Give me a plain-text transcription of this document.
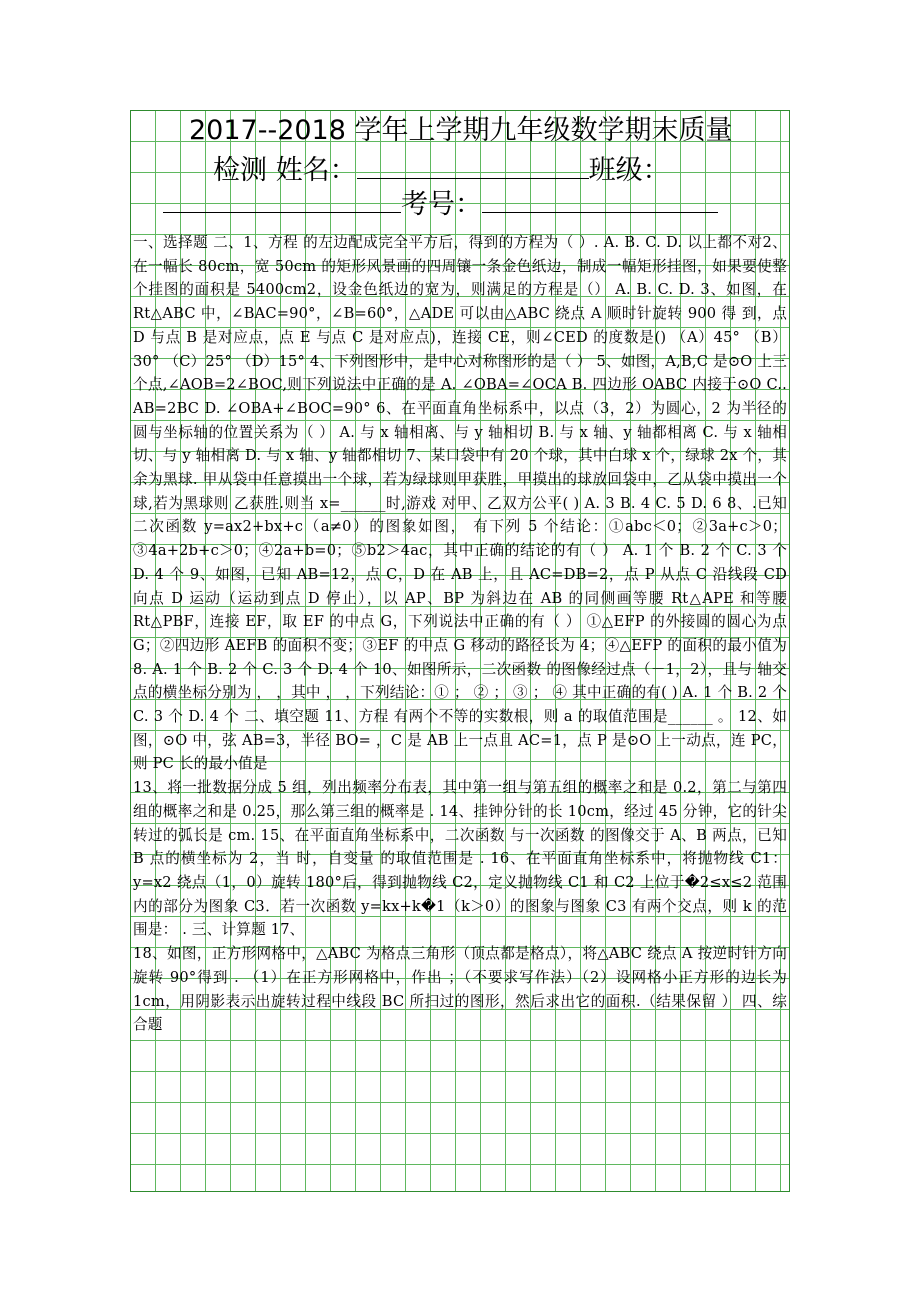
2017--2018 学年上学期九年级数学期末质量
检测 姓名：	班级：
考号：

一、选择题 二、1、方程 的左边配成完全平方后，得到的方程为（ ）. A. B. C. D. 以上都不对2、在一幅长 80cm，宽 50cm 的矩形风景画的四周镶一条金色纸边，制成一幅矩形挂图，如果要使整个挂图的面积是 5400cm2，设金色纸边的宽为，则满足的方程是（） A. B. C. D. 3、如图，在 Rt△ABC 中，∠BAC=90°，∠B=60°，△ADE 可以由△ABC 绕点 A 顺时针旋转 900 得 到，点 D 与点 B 是对应点，点 E 与点 C 是对应点)，连接 CE，则∠CED 的度数是() （A）45° （B）30° （C）25° （D）15° 4、下列图形中，是中心对称图形的是（ ） 5、如图，A,B,C 是⊙O 上三个点,∠AOB=2∠BOC,则下列说法中正确的是 A. ∠OBA=∠OCA B. 四边形 OABC 内接于⊙O C.. AB=2BC D. ∠OBA+∠BOC=90° 6、在平面直角坐标系中，以点（3，2）为圆心，2 为半径的圆与坐标轴的位置关系为（ ） A. 与 x 轴相离、与 y 轴相切 B. 与 x 轴、y 轴都相离 C. 与 x 轴相切、与 y 轴相离 D. 与 x 轴、y 轴都相切 7、某口袋中有 20 个球，其中白球 x 个，绿球 2x 个，其余为黑球. 甲从袋中任意摸出一个球，若为绿球则甲获胜，甲摸出的球放回袋中，乙从袋中摸出一个球,若为黑球则 乙获胜.则当 x=______时,游戏 对甲、乙双方公平( ) A. 3 B. 4 C. 5 D. 6 8、.已知二次函数 y=ax2+bx+c（a≠0）的图象如图， 有下列 5 个结论：①abc＜0；②3a+c＞0；③4a+2b+c＞0；④2a+b=0；⑤b2＞4ac，其中正确的结论的有（ ） A. 1 个 B. 2 个 C. 3 个 D. 4 个 9、如图，已知 AB=12，点 C，D 在 AB 上，且 AC=DB=2，点 P 从点 C 沿线段 CD 向点 D 运动（运动到点 D 停止），以 AP、BP 为斜边在 AB 的同侧画等腰 Rt△APE 和等腰 Rt△PBF，连接 EF，取 EF 的中点 G，下列说法中正确的有（ ） ①△EFP 的外接圆的圆心为点 G；②四边形 AEFB 的面积不变；③EF 的中点 G 移动的路径长为 4；④△EFP 的面积的最小值为 8. A. 1 个 B. 2 个 C. 3 个 D. 4 个 10、如图所示，二次函数 的图像经过点（－1，2），且与 轴交点的横坐标分别为 ， ，其中 ， ，下列结论：① ； ② ； ③ ； ④ 其中正确的有( ) A. 1 个 B. 2 个 C. 3 个 D. 4 个 二、填空题 11、方程 有两个不等的实数根，则 a 的取值范围是______ 。 12、如图，⊙O 中，弦 AB=3，半径 BO= ，C 是 AB 上一点且 AC=1，点 P 是⊙O 上一动点，连 PC，则 PC 长的最小值是

13、将一批数据分成 5 组，列出频率分布表，其中第一组与第五组的概率之和是 0.2，第二与第四组的概率之和是 0.25，那么第三组的概率是 . 14、挂钟分针的长 10cm，经过 45 分钟，它的针尖转过的弧长是 cm. 15、在平面直角坐标系中，二次函数 与一次函数 的图像交于 A、B 两点，已知 B 点的横坐标为 2，当 时，自变量 的取值范围是 . 16、在平面直角坐标系中，将抛物线 C1：y=x2 绕点（1，0）旋转 180°后，得到抛物线 C2，定义抛物线 C1 和 C2 上位于�2≤x≤2 范围内的部分为图象 C3．若一次函数 y=kx+k�1（k＞0）的图象与图象 C3 有两个交点，则 k 的范围是： . 三、计算题 17、

18、如图，正方形网格中，△ABC 为格点三角形（顶点都是格点），将△ABC 绕点 A 按逆时针方向旋转 90°得到 . （1）在正方形网格中，作出 ；（不要求写作法）（2）设网格小正方形的边长为 1cm，用阴影表示出旋转过程中线段 BC 所扫过的图形，然后求出它的面积.（结果保留 ） 四、综合题
